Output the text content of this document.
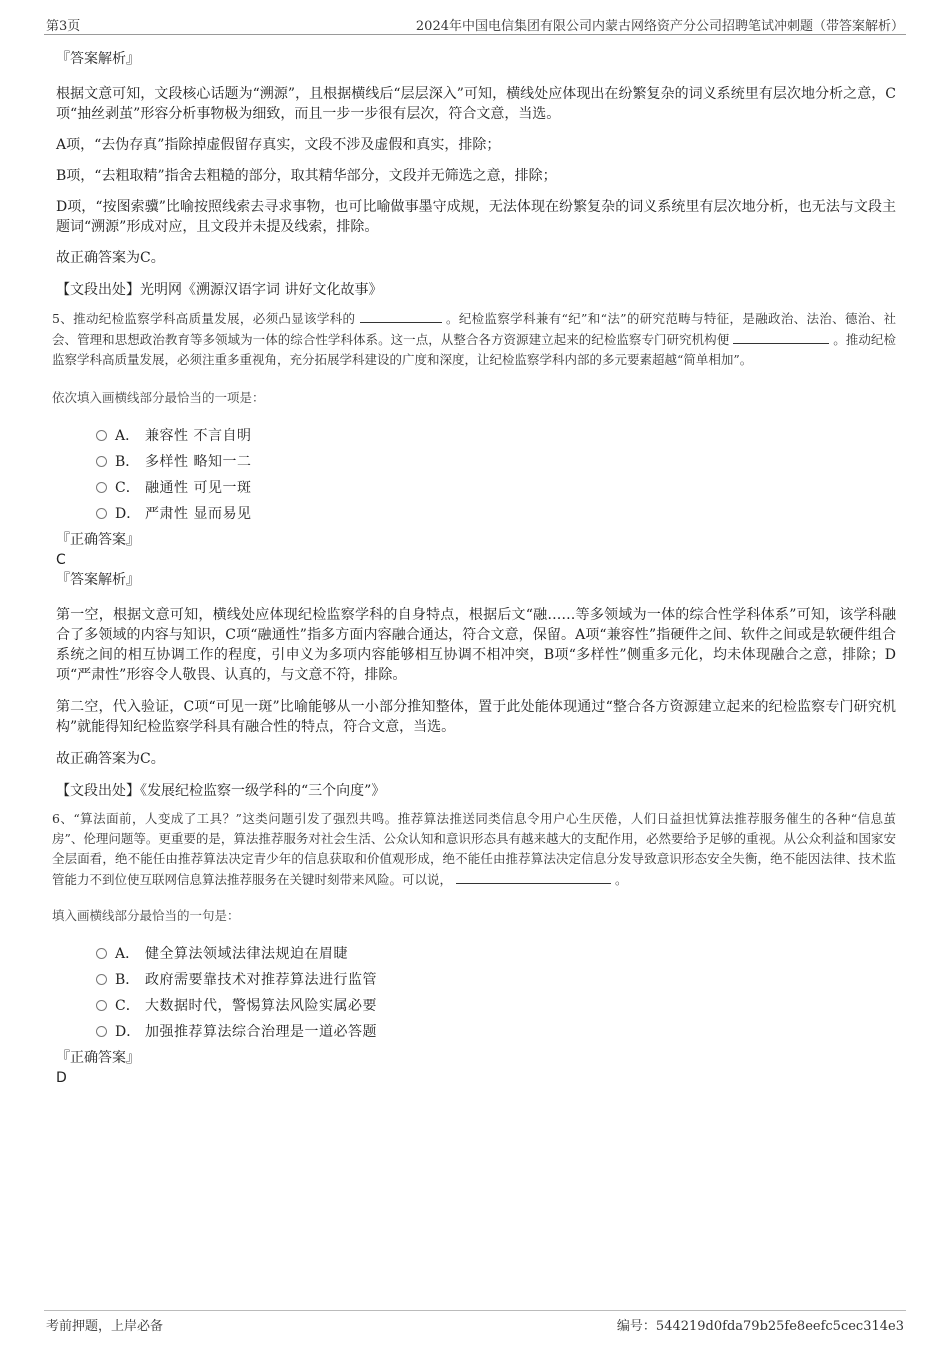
第3页	2024年中国电信集团有限公司内蒙古网络资产分公司招聘笔试冲刺题（带答案解析）

『答案解析』

根据文意可知，文段核心话题为“溯源”，且根据横线后“层层深入”可知，横线处应体现出在纷繁复杂的词义系统里有层次地分析之意，C项“抽丝剥茧”形容分析事物极为细致，而且一步一步很有层次，符合文意，当选。

A项，“去伪存真”指除掉虚假留存真实，文段不涉及虚假和真实，排除；

B项，“去粗取精”指舍去粗糙的部分，取其精华部分，文段并无筛选之意，排除；

D项，“按图索骥”比喻按照线索去寻求事物，也可比喻做事墨守成规，无法体现在纷繁复杂的词义系统里有层次地分析，也无法与文段主题词“溯源”形成对应，且文段并未提及线索，排除。

故正确答案为C。

【文段出处】光明网《溯源汉语字词 讲好文化故事》

5、推动纪检监察学科高质量发展，必须凸显该学科的	。纪检监察学科兼有“纪”和“法”的研究范畴与特征，是融政治、法治、德治、社会、管理和思想政治教育等多领域为一体的综合性学科体系。这一点，从整合各方资源建立起来的纪检监察专门研究机构便	。推动纪检监察学科高质量发展，必须注重多重视角，充分拓展学科建设的广度和深度，让纪检监察学科内部的多元要素超越“简单相加”。

依次填入画横线部分最恰当的一项是：

A． 兼容性 不言自明
B． 多样性 略知一二
C． 融通性 可见一斑
D． 严肃性 显而易见

『正确答案』

C

『答案解析』

第一空，根据文意可知，横线处应体现纪检监察学科的自身特点，根据后文“融……等多领域为一体的综合性学科体系”可知，该学科融合了多领域的内容与知识，C项“融通性”指多方面内容融合通达，符合文意，保留。A项“兼容性”指硬件之间、软件之间或是软硬件组合系统之间的相互协调工作的程度，引申义为多项内容能够相互协调不相冲突，B项“多样性”侧重多元化，均未体现融合之意，排除；D项“严肃性”形容令人敬畏、认真的，与文意不符，排除。

第二空，代入验证，C项“可见一斑”比喻能够从一小部分推知整体，置于此处能体现通过“整合各方资源建立起来的纪检监察专门研究机构”就能得知纪检监察学科具有融合性的特点，符合文意，当选。

故正确答案为C。

【文段出处】《发展纪检监察一级学科的“三个向度”》

6、“算法面前，人变成了工具？”这类问题引发了强烈共鸣。推荐算法推送同类信息令用户心生厌倦，人们日益担忧算法推荐服务催生的各种“信息茧房”、伦理问题等。更重要的是，算法推荐服务对社会生活、公众认知和意识形态具有越来越大的支配作用，必然要给予足够的重视。从公众利益和国家安全层面看，绝不能任由推荐算法决定青少年的信息获取和价值观形成，绝不能任由推荐算法决定信息分发导致意识形态安全失衡，绝不能因法律、技术监管能力不到位使互联网信息算法推荐服务在关键时刻带来风险。可以说，	。

填入画横线部分最恰当的一句是：

A． 健全算法领域法律法规迫在眉睫
B． 政府需要靠技术对推荐算法进行监管
C． 大数据时代，警惕算法风险实属必要
D． 加强推荐算法综合治理是一道必答题

『正确答案』

D

考前押题，上岸必备	编号：544219d0fda79b25fe8eefc5cec314e3
